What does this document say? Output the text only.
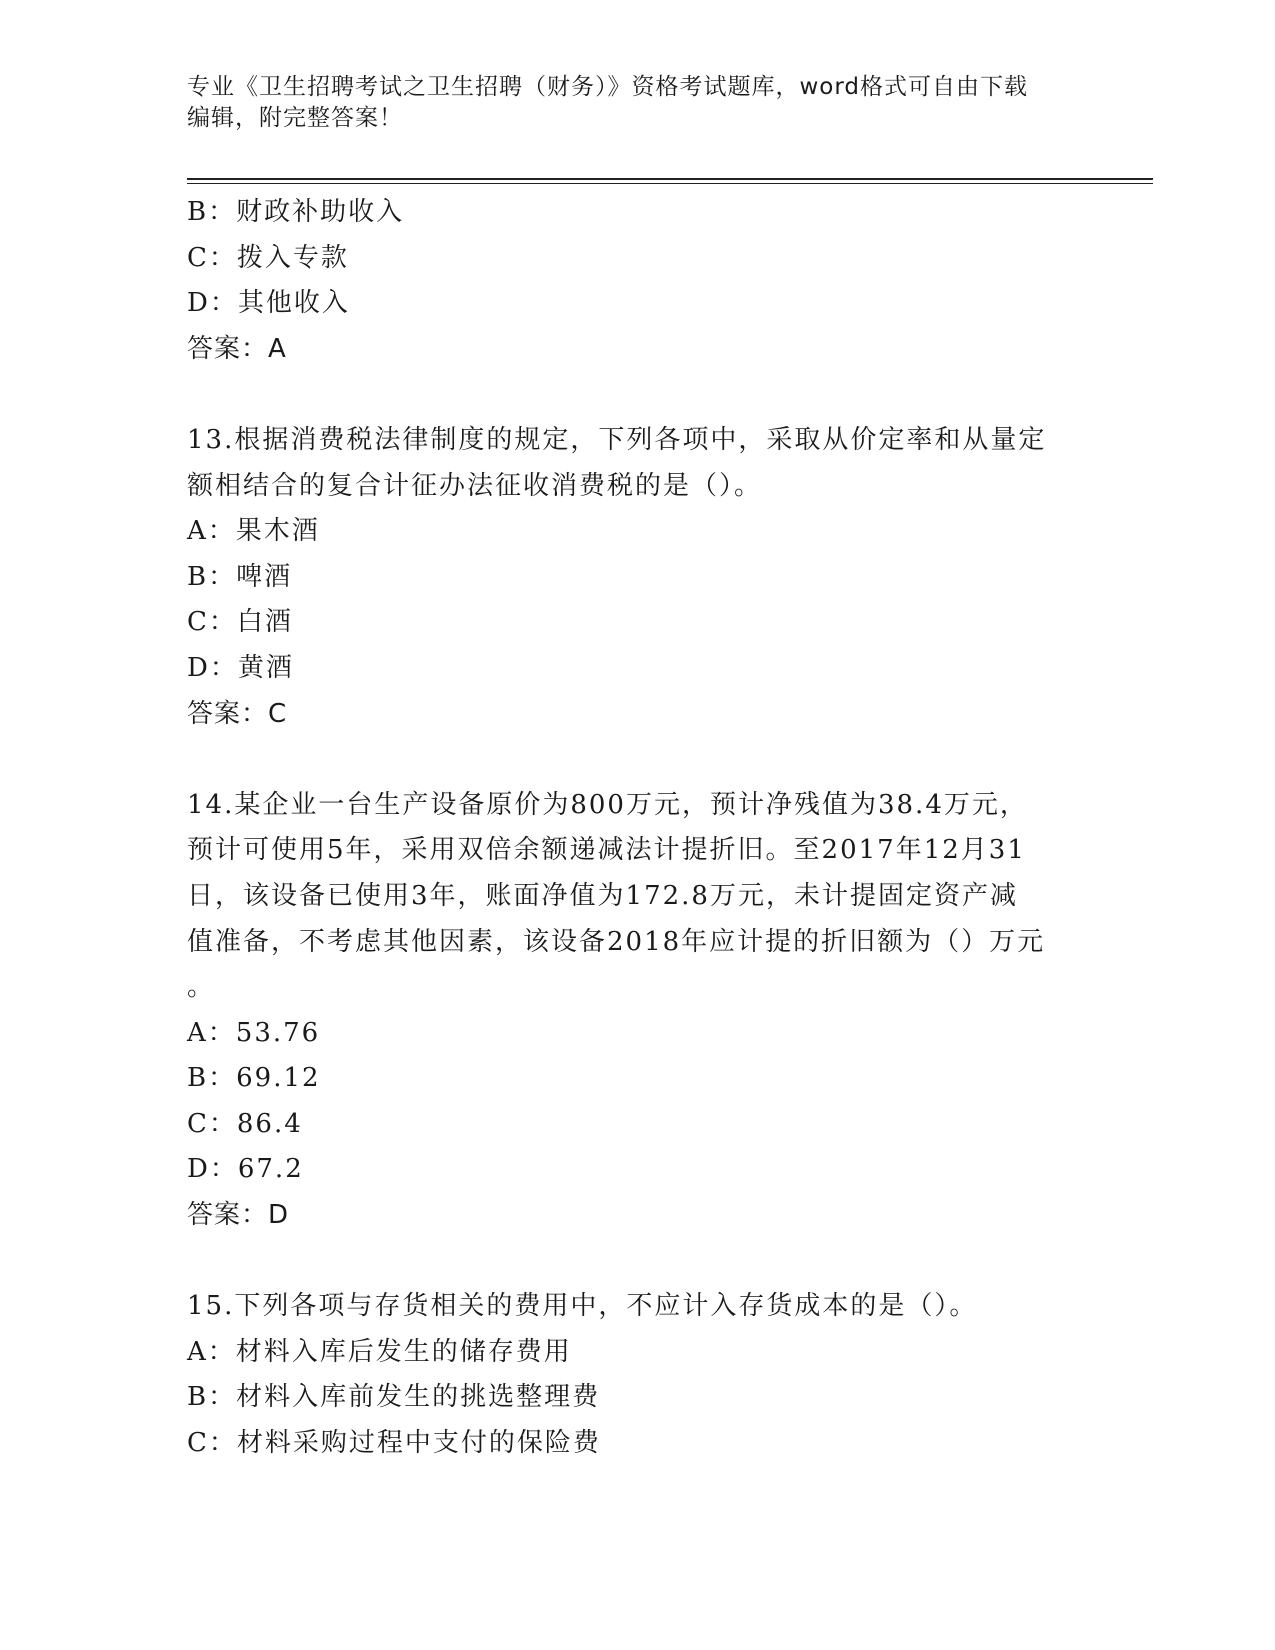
专业《卫生招聘考试之卫生招聘（财务）》资格考试题库，word格式可自由下载
编辑，附完整答案！
B：财政补助收入
C：拨入专款
D：其他收入
答案：A
13.根据消费税法律制度的规定，下列各项中，采取从价定率和从量定
额相结合的复合计征办法征收消费税的是（）。
A：果木酒
B：啤酒
C：白酒
D：黄酒
答案：C
14.某企业一台生产设备原价为800万元，预计净残值为38.4万元，
预计可使用5年，采用双倍余额递减法计提折旧。至2017年12月31
日，该设备已使用3年，账面净值为172.8万元，未计提固定资产减
值准备，不考虑其他因素，该设备2018年应计提的折旧额为（）万元
。
A：53.76
B：69.12
C：86.4
D：67.2
答案：D
15.下列各项与存货相关的费用中，不应计入存货成本的是（）。
A：材料入库后发生的储存费用
B：材料入库前发生的挑选整理费
C：材料采购过程中支付的保险费
